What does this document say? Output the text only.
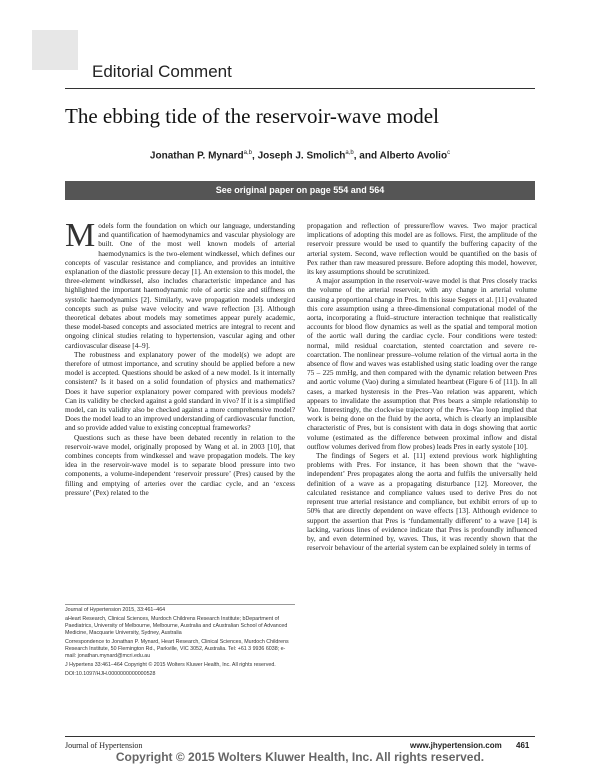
Editorial Comment
The ebbing tide of the reservoir-wave model
Jonathan P. Mynard$^{a,b}$, Joseph J. Smolich$^{a,b}$, and Alberto Avolio$^c$
See original paper on page 554 and 564

Models form the foundation on which our language, understanding and quantification of haemodynamics and vascular physiology are built. One of the most well known models of arterial haemodynamics is the two-element windkessel, which defines our concepts of vascular resistance and compliance, and provides an intuitive explanation of the diastolic pressure decay [1]. An extension to this model, the three-element windkessel, also includes characteristic impedance and has highlighted the important haemodynamic role of aortic size and stiffness on systolic haemodynamics [2]. Similarly, wave propagation models undergird concepts such as pulse wave velocity and wave reflection [3]. Although theoretical debates about models may sometimes appear purely academic, these model-based concepts and associated metrics are integral to recent and ongoing clinical studies relating to hypertension, vascular aging and other cardiovascular disease [4–9].

The robustness and explanatory power of the model(s) we adopt are therefore of utmost importance, and scrutiny should be applied before a new model is accepted. Questions should be asked of a new model. Is it internally consistent? Is it based on a solid foundation of physics and mathematics? Does it have superior explanatory power compared with previous models? Can its validity be checked against a gold standard in vivo? If it is a simplified model, can its validity also be checked against a more comprehensive model? Does the model lead to an improved understanding of cardiovascular function, and so provide added value to existing conceptual frameworks?

Questions such as these have been debated recently in relation to the reservoir-wave model, originally proposed by Wang et al. in 2003 [10], that combines concepts from windkessel and wave propagation models. The key idea in the reservoir-wave model is to separate blood pressure into two components, a volume-independent ‘reservoir pressure’ (Pres) caused by the filling and emptying of arteries over the cardiac cycle, and an ‘excess pressure’ (Pex) related to the

Journal of Hypertension 2015, 33:461–464
aHeart Research, Clinical Sciences, Murdoch Childrens Research Institute; bDepartment of Paediatrics, University of Melbourne, Melbourne, Australia and cAustralian School of Advanced Medicine, Macquarie University, Sydney, Australia
Correspondence to Jonathan P. Mynard, Heart Research, Clinical Sciences, Murdoch Childrens Research Institute, 50 Flemington Rd., Parkville, VIC 3052, Australia. Tel: +61 3 9936 6038; e-mail: jonathan.mynard@mcri.edu.au
J Hypertens 33:461–464 Copyright © 2015 Wolters Kluwer Health, Inc. All rights reserved.
DOI:10.1097/HJH.0000000000000528

propagation and reflection of pressure/flow waves. Two major practical implications of adopting this model are as follows. First, the amplitude of the reservoir pressure would be used to quantify the buffering capacity of the arterial system. Second, wave reflection would be quantified on the basis of Pex rather than raw measured pressure. Before adopting this model, however, its key assumptions should be scrutinized.

A major assumption in the reservoir-wave model is that Pres closely tracks the volume of the arterial reservoir, with any change in arterial volume causing a proportional change in Pres. In this issue Segers et al. [11] evaluated this core assumption using a three-dimensional computational model of the aorta, incorporating a fluid–structure interaction technique that realistically accounts for blood flow dynamics as well as the spatial and temporal motion of the aortic wall during the cardiac cycle. Four conditions were tested: normal, mild residual coarctation, stented coarctation and severe re-coarctation. The nonlinear pressure–volume relation of the virtual aorta in the absence of flow and waves was established using static loading over the range 75 – 225 mmHg, and then compared with the dynamic relation between Pres and aortic volume (Vao) during a simulated heartbeat (Figure 6 of [11]). In all cases, a marked hysteresis in the Pres–Vao relation was apparent, which appears to invalidate the assumption that Pres bears a simple relationship to Vao. Interestingly, the clockwise trajectory of the Pres–Vao loop implied that work is being done on the fluid by the aorta, which is clearly an implausible characteristic of Pres, but is consistent with data in dogs showing that aortic volume (estimated as the difference between proximal inflow and distal outflow volumes derived from flow probes) leads Pres in early systole [10].

The findings of Segers et al. [11] extend previous work highlighting problems with Pres. For instance, it has been shown that the ‘wave-independent’ Pres propagates along the aorta and fulfils the universally held definition of a wave as a propagating disturbance [12]. Moreover, the calculated resistance and compliance values used to derive Pres do not represent true arterial resistance and compliance, but exhibit errors of up to 50% that are directly dependent on wave effects [13]. Although evidence to support the assertion that Pres is ‘fundamentally different’ to a wave [14] is lacking, various lines of evidence indicate that Pres is profoundly influenced by, and even determined by, waves. Thus, it was recently shown that the reservoir behaviour of the arterial system can be explained solely in terms of

Journal of Hypertension	www.jhypertension.com 461
Copyright © 2015 Wolters Kluwer Health, Inc. All rights reserved.
